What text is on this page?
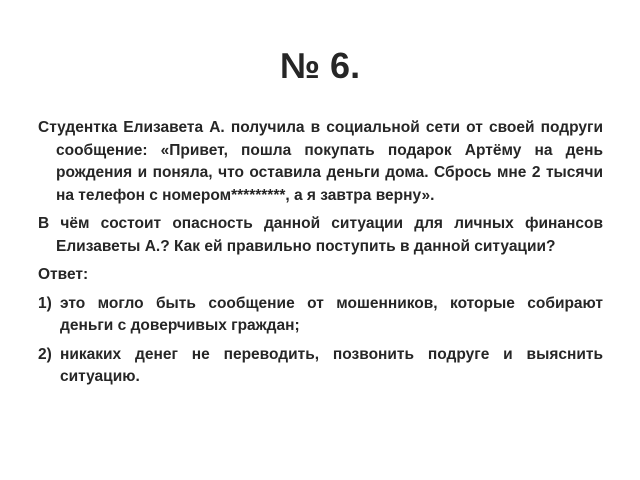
№ 6.

Студентка Елизавета А. получила в социальной сети от своей подруги сообщение: «Привет, пошла покупать подарок Артёму на день рождения и поняла, что оставила деньги дома. Сбрось мне 2 тысячи на телефон с номером*********, а я завтра верну».

В чём состоит опасность данной ситуации для личных финансов Елизаветы А.? Как ей правильно поступить в данной ситуации?

Ответ:

1) это могло быть сообщение от мошенников, которые собирают деньги с доверчивых граждан;
2) никаких денег не переводить, позвонить подруге и выяснить ситуацию.
